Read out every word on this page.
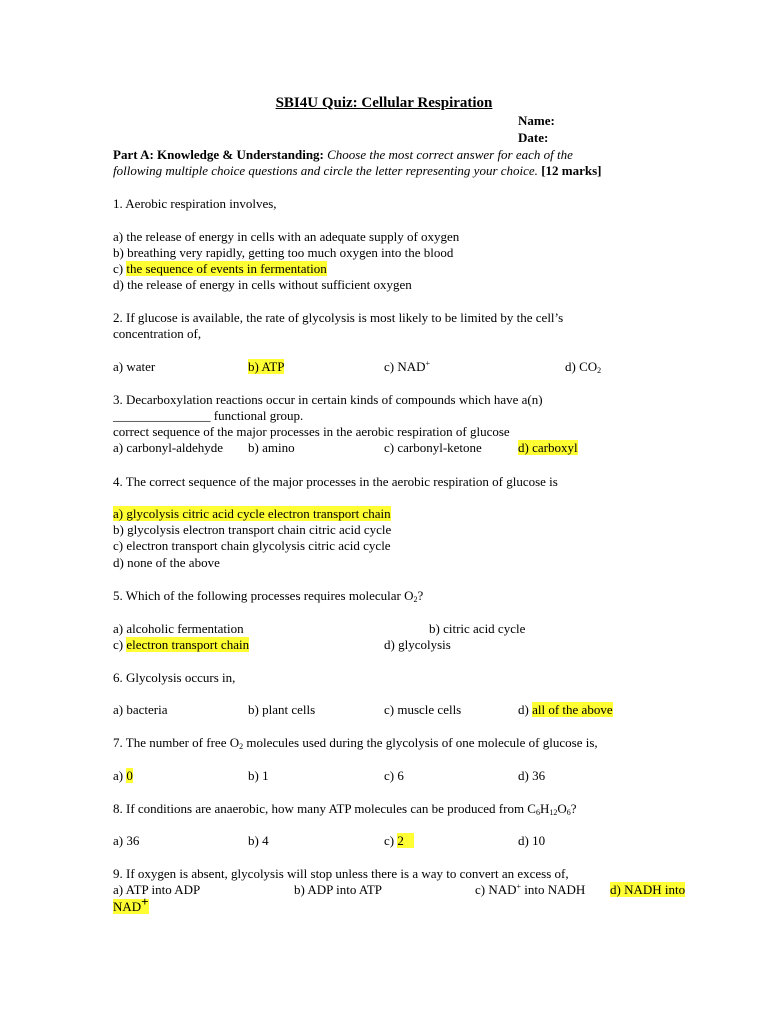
SBI4U Quiz: Cellular Respiration
Name:
Date:
Part A: Knowledge & Understanding: Choose the most correct answer for each of the
following multiple choice questions and circle the letter representing your choice. [12 marks]
1. Aerobic respiration involves,
a) the release of energy in cells with an adequate supply of oxygen
b) breathing very rapidly, getting too much oxygen into the blood
c) the sequence of events in fermentation
d) the release of energy in cells without sufficient oxygen
2. If glucose is available, the rate of glycolysis is most likely to be limited by the cell’s
concentration of,
a) water	b) ATP	c) NAD+	d) $CO_2$
3. Decarboxylation reactions occur in certain kinds of compounds which have a(n)
_______________ functional group.
correct sequence of the major processes in the aerobic respiration of glucose
a) carbonyl-aldehyde b) amino	c) carbonyl-ketone	d) carboxyl
4. The correct sequence of the major processes in the aerobic respiration of glucose is
a) glycolysis citric acid cycle electron transport chain
b) glycolysis electron transport chain citric acid cycle
c) electron transport chain glycolysis citric acid cycle
d) none of the above
5. Which of the following processes requires molecular $O_2$?
a) alcoholic fermentation	b) citric acid cycle
c) electron transport chain	d) glycolysis
6. Glycolysis occurs in,
a) bacteria	b) plant cells	c) muscle cells	d) all of the above
7. The number of free $O_2$ molecules used during the glycolysis of one molecule of glucose is,
a) 0	b) 1	c) 6	d) 36
8. If conditions are anaerobic, how many ATP molecules can be produced from $C_6H_{12}O_6$?
a) 36	b) 4	c) 2	d) 10
9. If oxygen is absent, glycolysis will stop unless there is a way to convert an excess of,
a) ATP into ADP	b) ADP into ATP	c) NAD+ into NADH d) NADH into
NAD+
